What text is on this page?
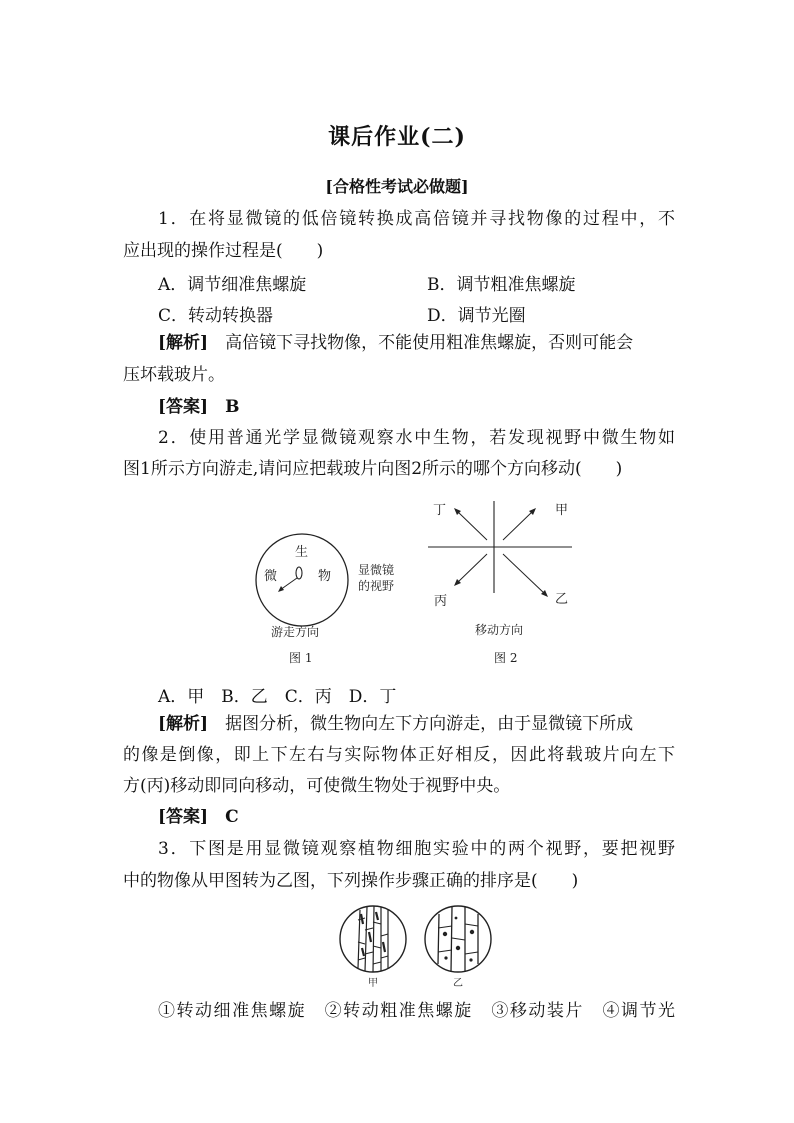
课后作业(二)
[合格性考试必做题]
1．在将显微镜的低倍镜转换成高倍镜并寻找物像的过程中，不
应出现的操作过程是(　　)
A．调节细准焦螺旋	B．调节粗准焦螺旋
C．转动转换器	D．调节光圈
[解析]  高倍镜下寻找物像，不能使用粗准焦螺旋，否则可能会
压坏载玻片。
[答案]  B
2．使用普通光学显微镜观察水中生物，若发现视野中微生物如
图1所示方向游走,请问应把载玻片向图2所示的哪个方向移动(　　)
生
微	物 显微镜
的视野
游走方向
图 1
丁	甲
丙	乙
移动方向
图 2
A．甲　B．乙　C．丙　D．丁
[解析]  据图分析，微生物向左下方向游走，由于显微镜下所成
的像是倒像，即上下左右与实际物体正好相反，因此将载玻片向左下
方(丙)移动即同向移动，可使微生物处于视野中央。
[答案]  C
3．下图是用显微镜观察植物细胞实验中的两个视野，要把视野
中的物像从甲图转为乙图，下列操作步骤正确的排序是(　　)
甲	乙
①转动细准焦螺旋　②转动粗准焦螺旋　③移动装片　④调节光
